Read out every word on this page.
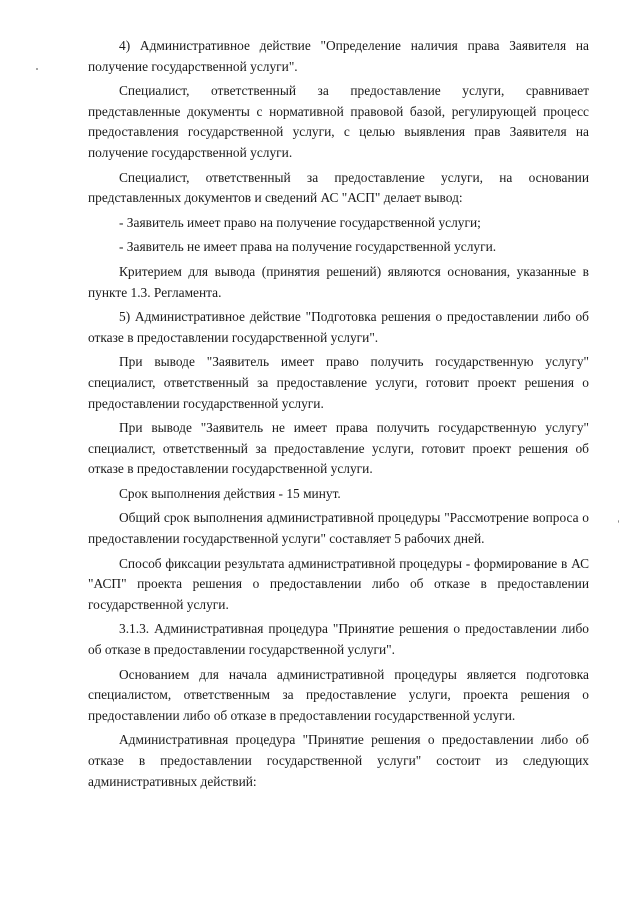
4) Административное действие "Определение наличия права Заявителя на получение государственной услуги".

Специалист, ответственный за предоставление услуги, сравнивает представленные документы с нормативной правовой базой, регулирующей процесс предоставления государственной услуги, с целью выявления прав Заявителя на получение государственной услуги.

Специалист, ответственный за предоставление услуги, на основании представленных документов и сведений АС "АСП" делает вывод:

- Заявитель имеет право на получение государственной услуги;

- Заявитель не имеет права на получение государственной услуги.

Критерием для вывода (принятия решений) являются основания, указанные в пункте 1.3. Регламента.

5) Административное действие "Подготовка решения о предоставлении либо об отказе в предоставлении государственной услуги".

При выводе "Заявитель имеет право получить государственную услугу" специалист, ответственный за предоставление услуги, готовит проект решения о предоставлении государственной услуги.

При выводе "Заявитель не имеет права получить государственную услугу" специалист, ответственный за предоставление услуги, готовит проект решения об отказе в предоставлении государственной услуги.

Срок выполнения действия - 15 минут.

Общий срок выполнения административной процедуры "Рассмотрение вопроса о предоставлении государственной услуги" составляет 5 рабочих дней.

Способ фиксации результата административной процедуры - формирование в АС "АСП" проекта решения о предоставлении либо об отказе в предоставлении государственной услуги.

3.1.3. Административная процедура "Принятие решения о предоставлении либо об отказе в предоставлении государственной услуги".

Основанием для начала административной процедуры является подготовка специалистом, ответственным за предоставление услуги, проекта решения о предоставлении либо об отказе в предоставлении государственной услуги.

Административная процедура "Принятие решения о предоставлении либо об отказе в предоставлении государственной услуги" состоит из следующих административных действий:
